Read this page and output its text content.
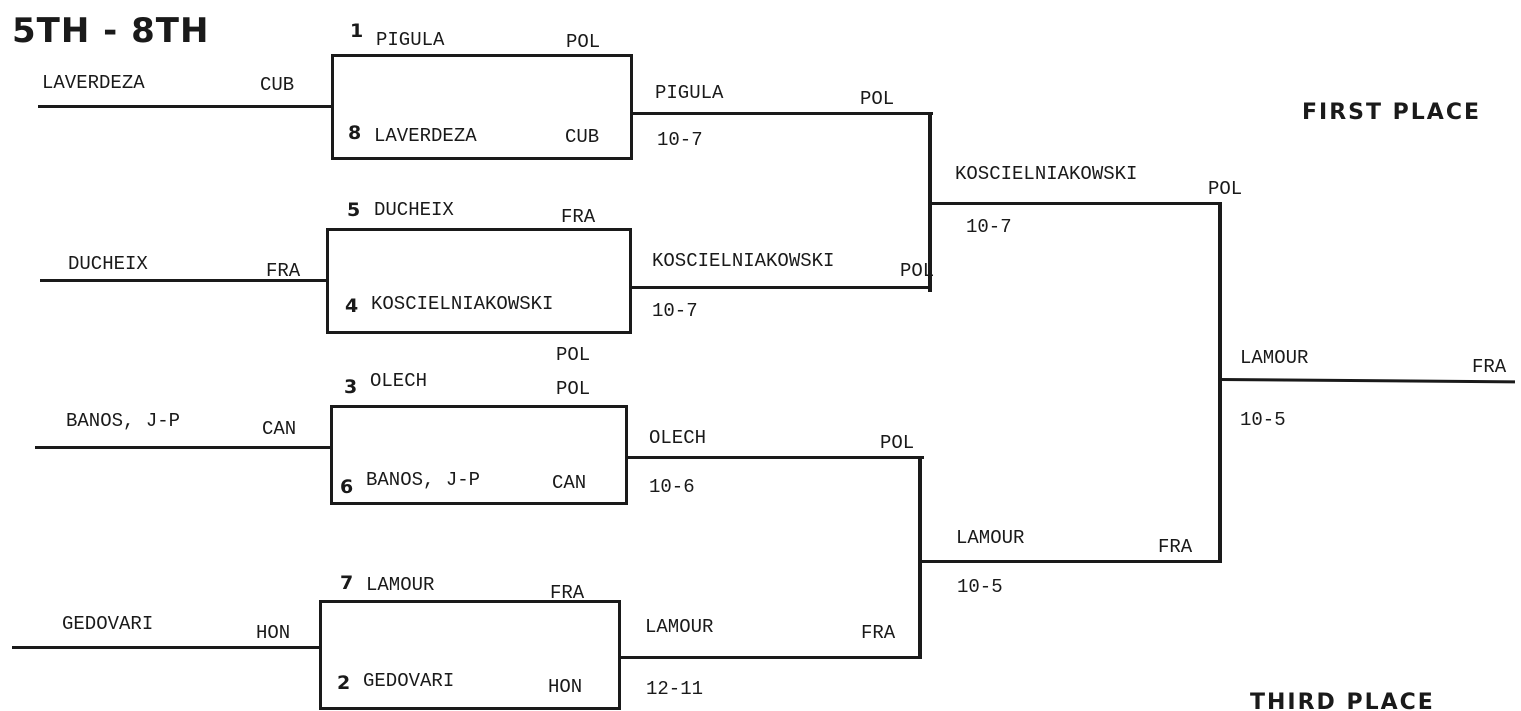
5TH - 8TH
FIRST PLACE
THIRD PLACE
LAVERDEZA	CUB
DUCHEIX	FRA
BANOS, J-P	CAN
GEDOVARI	HON
1 PIGULA	POL
8 LAVERDEZA	CUB
5 DUCHEIX	FRA
4 KOSCIELNIAKOWSKI
POL
3 OLECH	POL
6 BANOS, J-P	CAN
7 LAMOUR	FRA
2 GEDOVARI	HON
PIGULA	POL
10-7
KOSCIELNIAKOWSKI	POL
10-7
OLECH	POL
10-6
LAMOUR	FRA
12-11
KOSCIELNIAKOWSKI
POL
10-7
LAMOUR	FRA
10-5
LAMOUR	FRA
10-5
